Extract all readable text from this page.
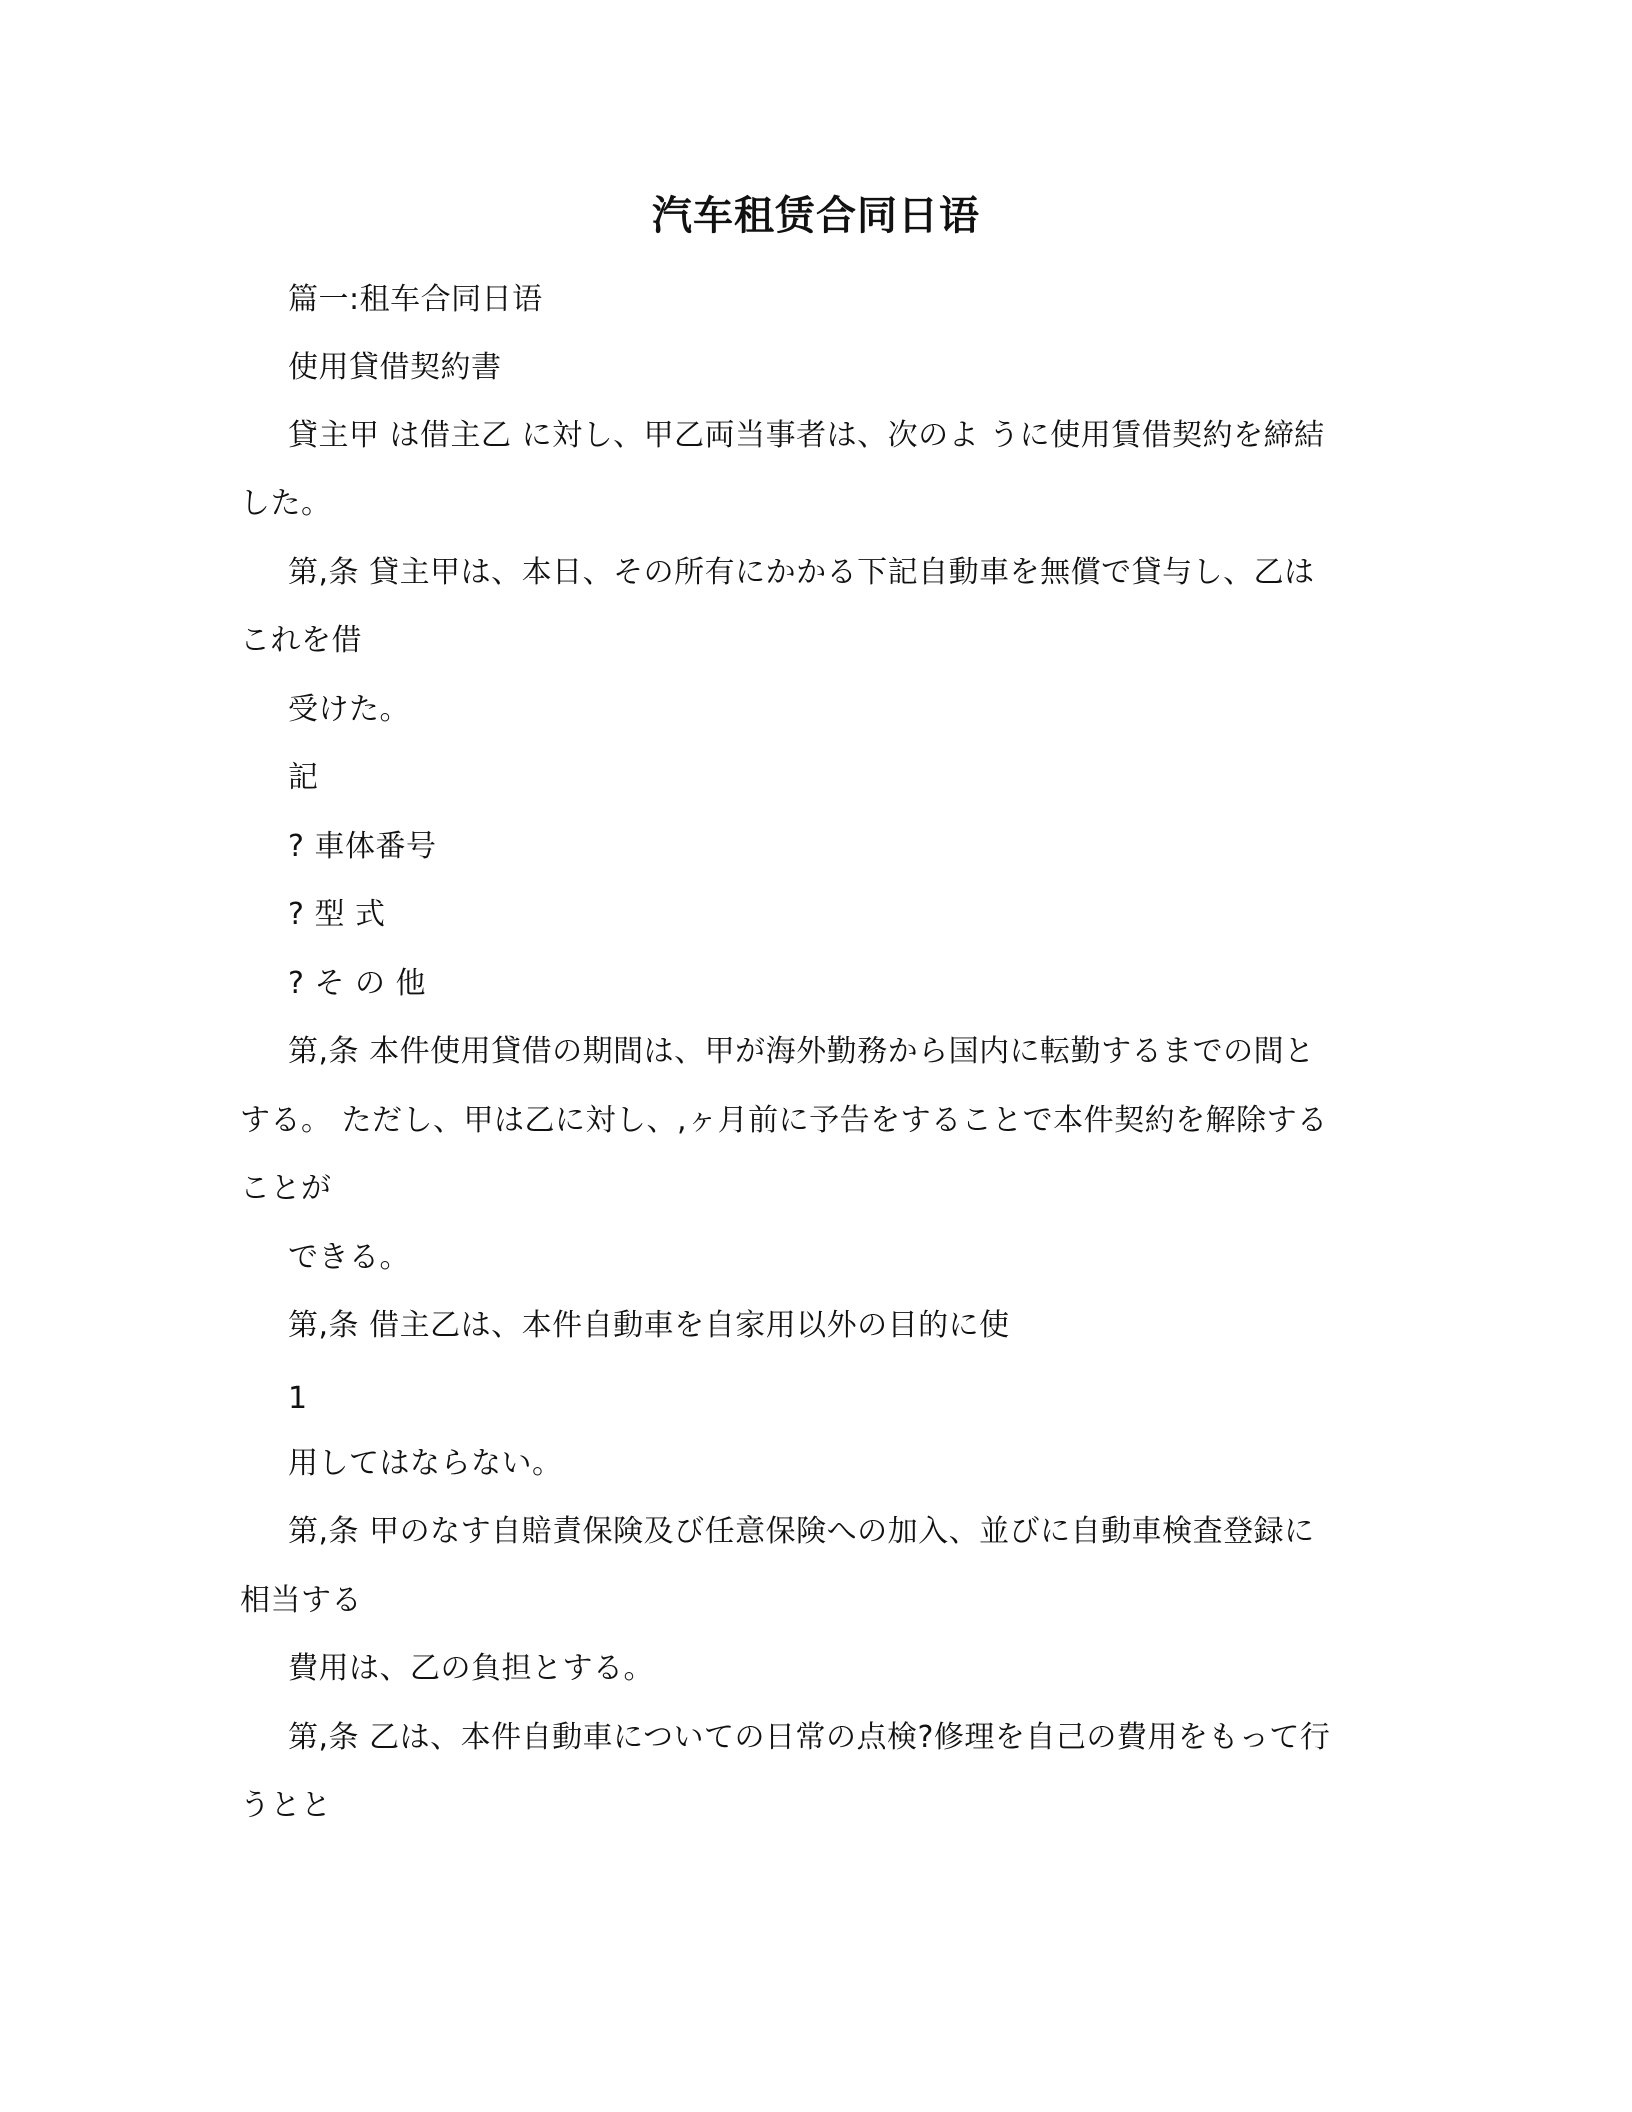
汽车租赁合同日语
篇一:租车合同日语
使用貸借契約書
貸主甲 は借主乙 に対し、甲乙両当事者は、次のよ うに使用賃借契約を締結
した。
第,条 貸主甲は、本日、その所有にかかる下記自動車を無償で貸与し、乙は
これを借
受けた。
記
? 車体番号
? 型 式
? そ の 他
第,条 本件使用貸借の期間は、甲が海外勤務から国内に転勤するまでの間と
する。 ただし、甲は乙に対し、,ヶ月前に予告をすることで本件契約を解除する
ことが
できる。
第,条 借主乙は、本件自動車を自家用以外の目的に使
1
用してはならない。
第,条 甲のなす自賠責保険及び任意保険への加入、並びに自動車検査登録に
相当する
費用は、乙の負担とする。
第,条 乙は、本件自動車についての日常の点検?修理を自己の費用をもって行
うとと
